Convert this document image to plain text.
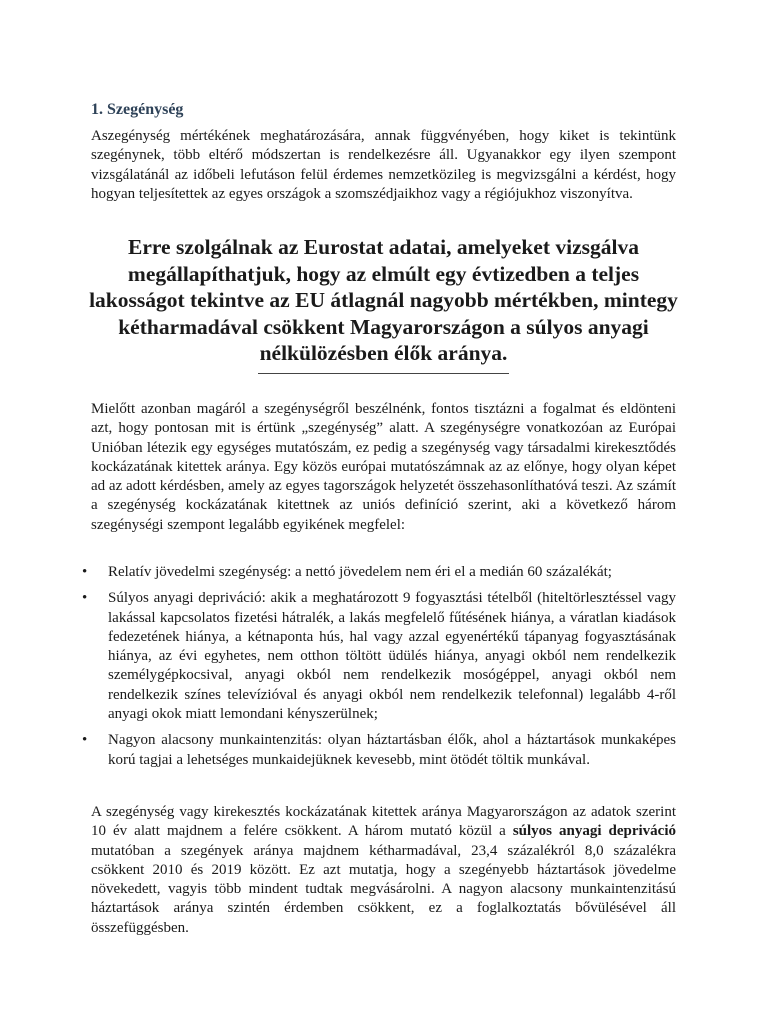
1. Szegénység

Aszegénység mértékének meghatározására, annak függvényében, hogy kiket is tekintünk szegénynek, több eltérő módszertan is rendelkezésre áll. Ugyanakkor egy ilyen szempont vizsgálatánál az időbeli lefutáson felül érdemes nemzetközileg is megvizsgálni a kérdést, hogy hogyan teljesítettek az egyes országok a szomszédjaikhoz vagy a régiójukhoz viszonyítva.

Erre szolgálnak az Eurostat adatai, amelyeket vizsgálva megállapíthatjuk, hogy az elmúlt egy évtizedben a teljes lakosságot tekintve az EU átlagnál nagyobb mértékben, mintegy kétharmadával csökkent Magyarországon a súlyos anyagi nélkülözésben élők aránya.

Mielőtt azonban magáról a szegénységről beszélnénk, fontos tisztázni a fogalmat és eldönteni azt, hogy pontosan mit is értünk „szegénység” alatt. A szegénységre vonatkozóan az Európai Unióban létezik egy egységes mutatószám, ez pedig a szegénység vagy társadalmi kirekesztődés kockázatának kitettek aránya. Egy közös európai mutatószámnak az az előnye, hogy olyan képet ad az adott kérdésben, amely az egyes tagországok helyzetét összehasonlíthatóvá teszi. Az számít a szegénység kockázatának kitettnek az uniós definíció szerint, aki a következő három szegénységi szempont legalább egyikének megfelel:

•	Relatív jövedelmi szegénység: a nettó jövedelem nem éri el a medián 60 százalékát;
•	Súlyos anyagi depriváció: akik a meghatározott 9 fogyasztási tételből (hiteltörlesztéssel vagy lakással kapcsolatos fizetési hátralék, a lakás megfelelő fűtésének hiánya, a váratlan kiadások fedezetének hiánya, a kétnaponta hús, hal vagy azzal egyenértékű tápanyag fogyasztásának hiánya, az évi egyhetes, nem otthon töltött üdülés hiánya, anyagi okból nem rendelkezik személygépkocsival, anyagi okból nem rendelkezik mosógéppel, anyagi okból nem rendelkezik színes televízióval és anyagi okból nem rendelkezik telefonnal) legalább 4-ről anyagi okok miatt lemondani kényszerülnek;
•	Nagyon alacsony munkaintenzitás: olyan háztartásban élők, ahol a háztartások munkaképes korú tagjai a lehetséges munkaidejüknek kevesebb, mint ötödét töltik munkával.

A szegénység vagy kirekesztés kockázatának kitettek aránya Magyarországon az adatok szerint 10 év alatt majdnem a felére csökkent. A három mutató közül a súlyos anyagi depriváció mutatóban a szegények aránya majdnem kétharmadával, 23,4 százalékról 8,0 százalékra csökkent 2010 és 2019 között. Ez azt mutatja, hogy a szegényebb háztartások jövedelme növekedett, vagyis több mindent tudtak megvásárolni. A nagyon alacsony munkaintenzitású háztartások aránya szintén érdemben csökkent, ez a foglalkoztatás bővülésével áll összefüggésben.
